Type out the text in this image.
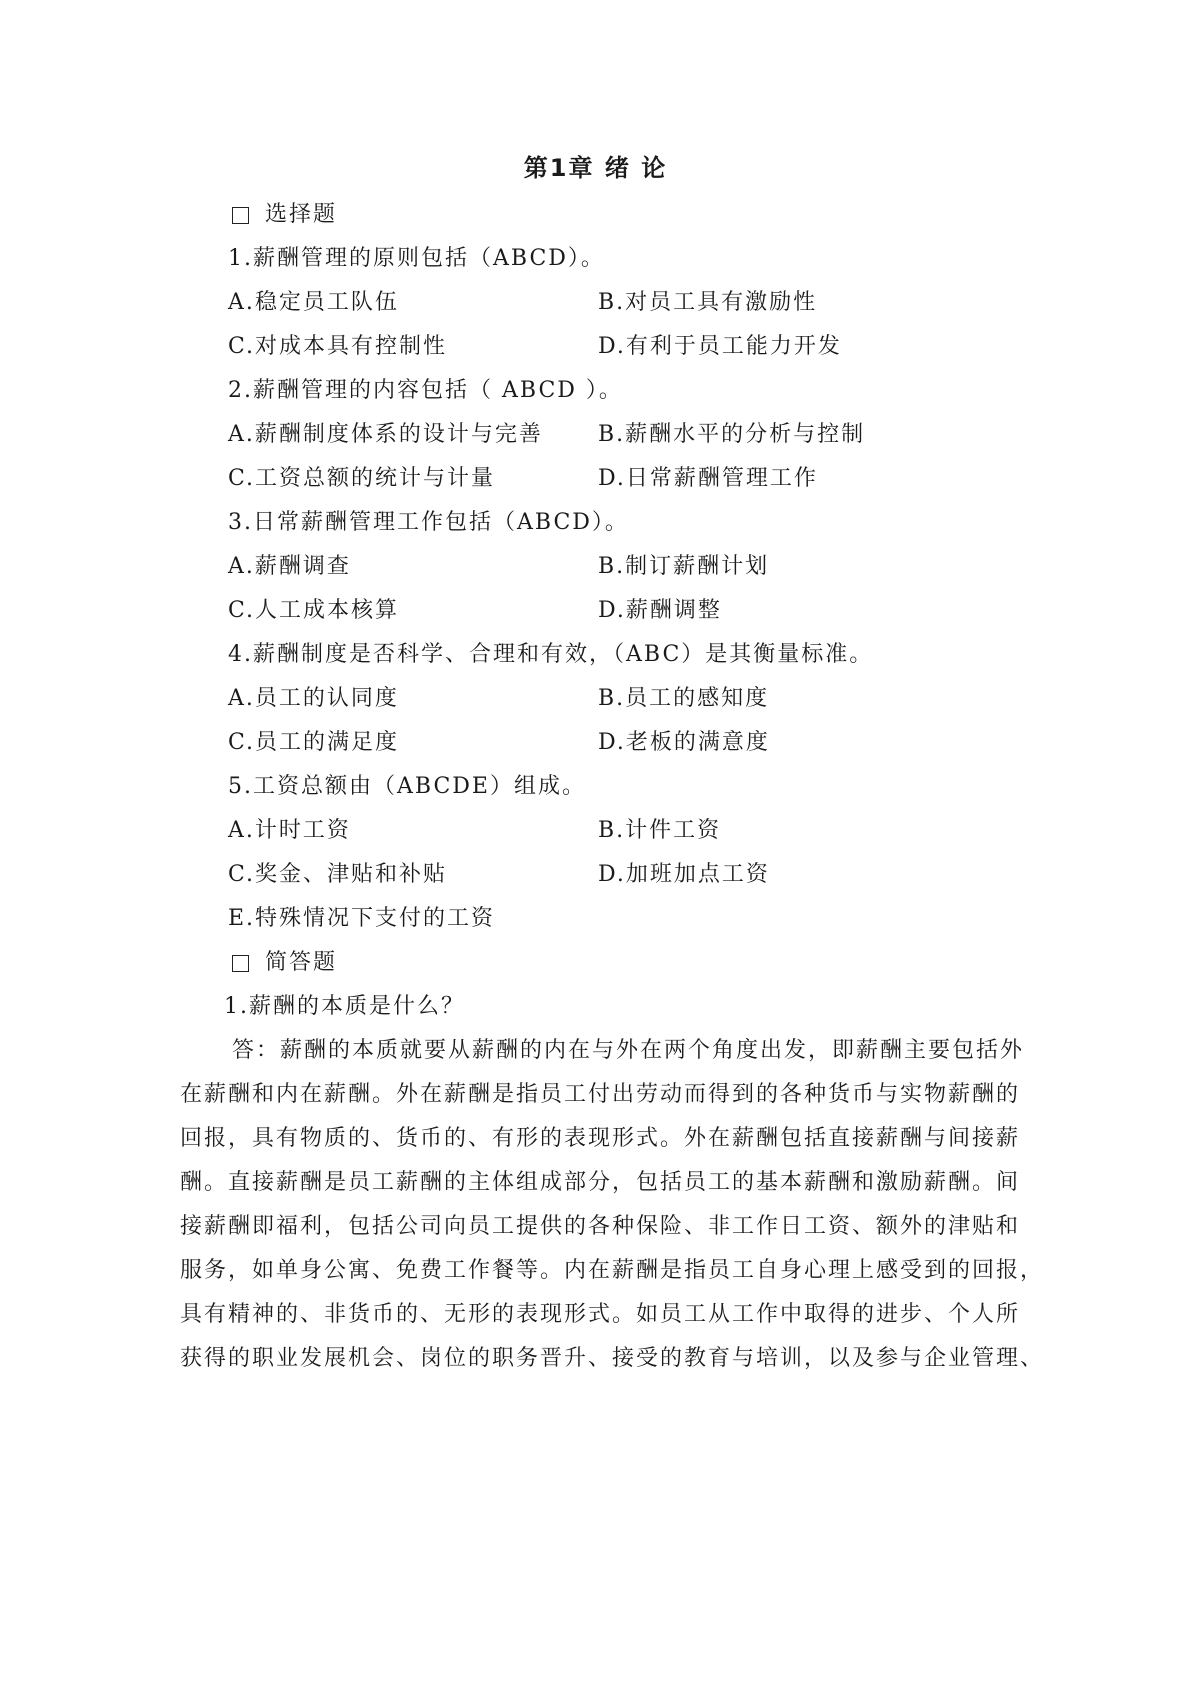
第1章 绪 论
选择题
1.薪酬管理的原则包括（ABCD）。
A.稳定员工队伍	B.对员工具有激励性
C.对成本具有控制性	D.有利于员工能力开发
2.薪酬管理的内容包括（ ABCD ）。
A.薪酬制度体系的设计与完善	B.薪酬水平的分析与控制
C.工资总额的统计与计量	D.日常薪酬管理工作
3.日常薪酬管理工作包括（ABCD）。
A.薪酬调查	B.制订薪酬计划
C.人工成本核算	D.薪酬调整
4.薪酬制度是否科学、合理和有效，（ABC）是其衡量标准。
A.员工的认同度	B.员工的感知度
C.员工的满足度	D.老板的满意度
5.工资总额由（ABCDE）组成。
A.计时工资	B.计件工资
C.奖金、津贴和补贴	D.加班加点工资
E.特殊情况下支付的工资
简答题
1.薪酬的本质是什么？
答：薪酬的本质就要从薪酬的内在与外在两个角度出发，即薪酬主要包括外
在薪酬和内在薪酬。外在薪酬是指员工付出劳动而得到的各种货币与实物薪酬的
回报，具有物质的、货币的、有形的表现形式。外在薪酬包括直接薪酬与间接薪
酬。直接薪酬是员工薪酬的主体组成部分，包括员工的基本薪酬和激励薪酬。间
接薪酬即福利，包括公司向员工提供的各种保险、非工作日工资、额外的津贴和
服务，如单身公寓、免费工作餐等。内在薪酬是指员工自身心理上感受到的回报，
具有精神的、非货币的、无形的表现形式。如员工从工作中取得的进步、个人所
获得的职业发展机会、岗位的职务晋升、接受的教育与培训，以及参与企业管理、
